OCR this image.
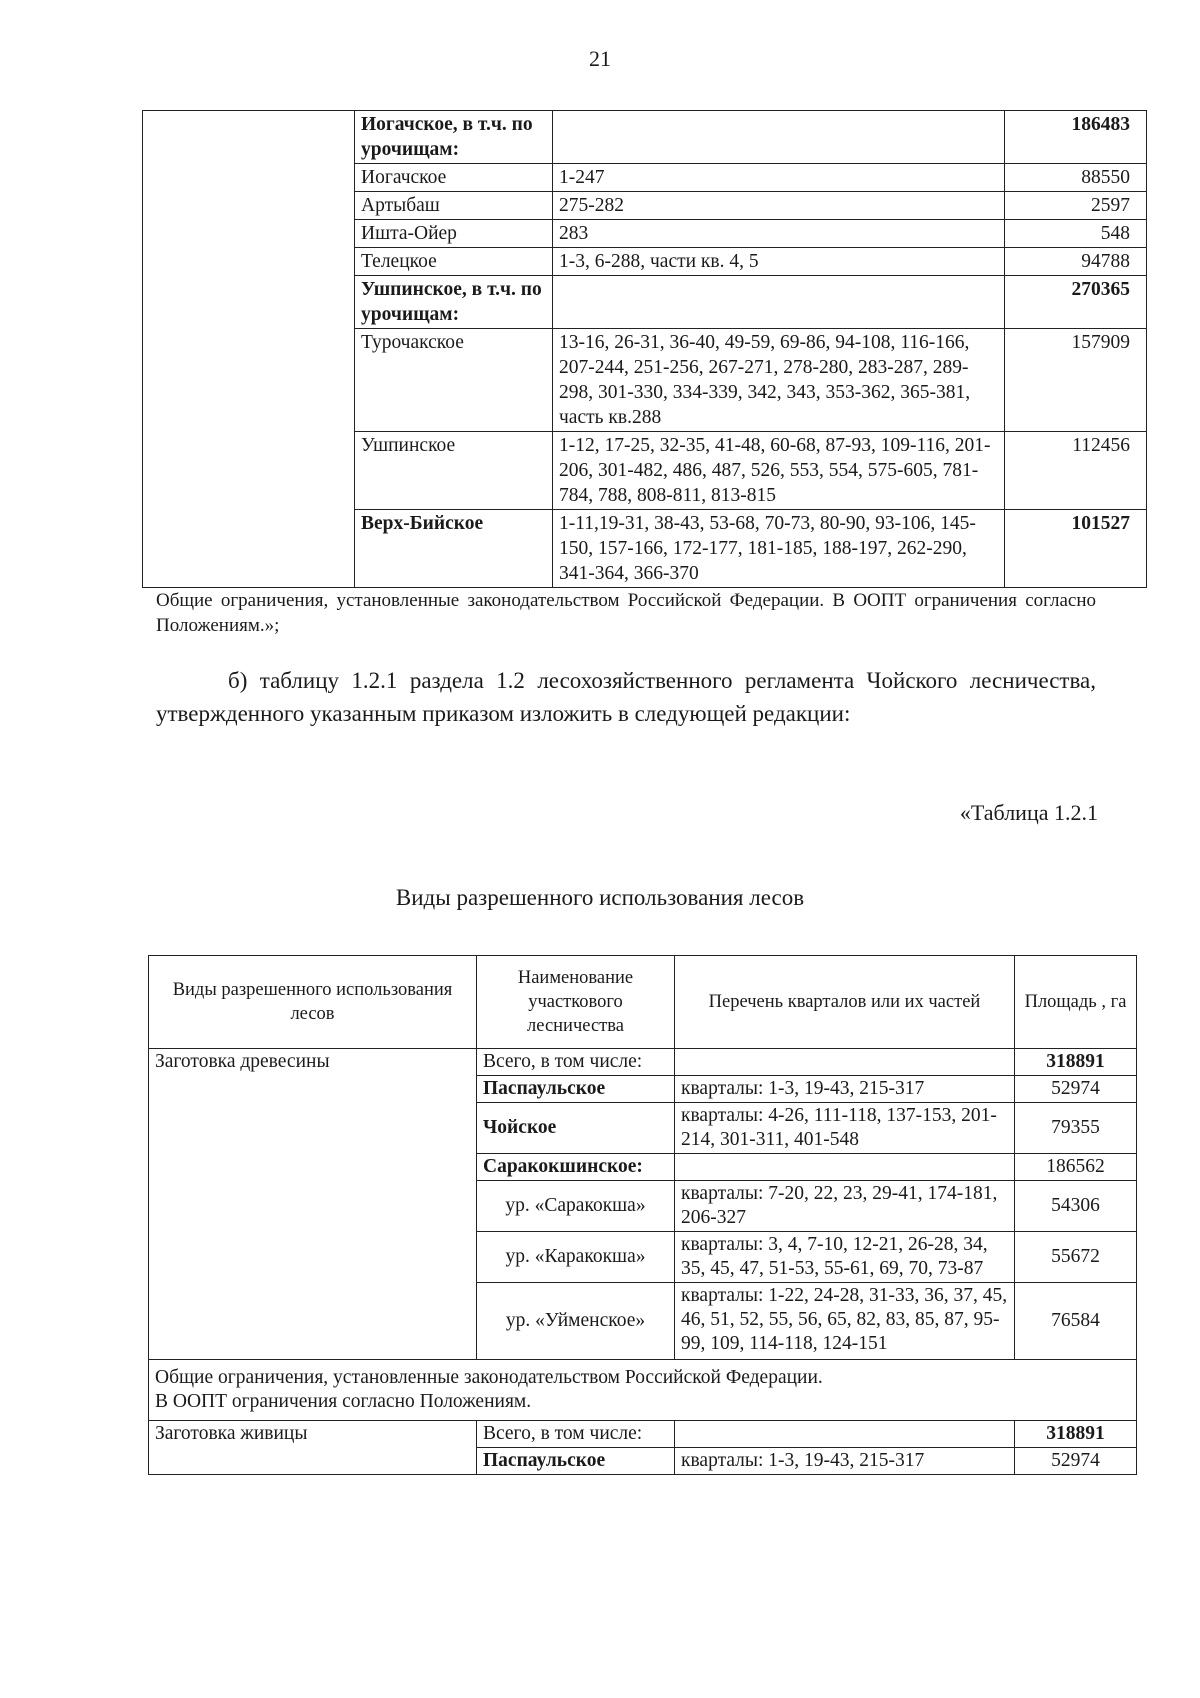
21
	Иогачское, в т.ч. по урочищам:		186483
	Иогачское	1-247	88550
	Артыбаш	275-282	2597
	Ишта-Ойер	283	548
	Телецкое	1-3, 6-288, части кв. 4, 5	94788
	Ушпинское, в т.ч. по урочищам:		270365
	Турочакское	13-16, 26-31, 36-40, 49-59, 69-86, 94-108, 116-166, 207-244, 251-256, 267-271, 278-280, 283-287, 289-298, 301-330, 334-339, 342, 343, 353-362, 365-381, часть кв.288	157909
	Ушпинское	1-12, 17-25, 32-35, 41-48, 60-68, 87-93, 109-116, 201-206, 301-482, 486, 487, 526, 553, 554, 575-605, 781-784, 788, 808-811, 813-815	112456
	Верх-Бийское	1-11,19-31, 38-43, 53-68, 70-73, 80-90, 93-106, 145-150, 157-166, 172-177, 181-185, 188-197, 262-290, 341-364, 366-370	101527
Общие ограничения, установленные законодательством Российской Федерации. В ООПТ ограничения согласно Положениям.»;
б) таблицу 1.2.1 раздела 1.2 лесохозяйственного регламента Чойского лесничества, утвержденного указанным приказом изложить в следующей редакции:
«Таблица 1.2.1
Виды разрешенного использования лесов
Виды разрешенного использования лесов	Наименование участкового лесничества	Перечень кварталов или их частей	Площадь , га
Заготовка древесины	Всего, в том числе:		318891
	Паспаульское	кварталы: 1-3, 19-43, 215-317	52974
	Чойское	кварталы: 4-26, 111-118, 137-153, 201-214, 301-311, 401-548	79355
	Саракокшинское:		186562
	ур. «Саракокша»	кварталы: 7-20, 22, 23, 29-41, 174-181, 206-327	54306
	ур. «Каракокша»	кварталы: 3, 4, 7-10, 12-21, 26-28, 34, 35, 45, 47, 51-53, 55-61, 69, 70, 73-87	55672
	ур. «Уйменское»	кварталы: 1-22, 24-28, 31-33, 36, 37, 45, 46, 51, 52, 55, 56, 65, 82, 83, 85, 87, 95-99, 109, 114-118, 124-151	76584

Общие ограничения, установленные законодательством Российской Федерации.
В ООПТ ограничения согласно Положениям.			

Заготовка живицы	Всего, в том числе:		318891
	Паспаульское	кварталы: 1-3, 19-43, 215-317	52974
